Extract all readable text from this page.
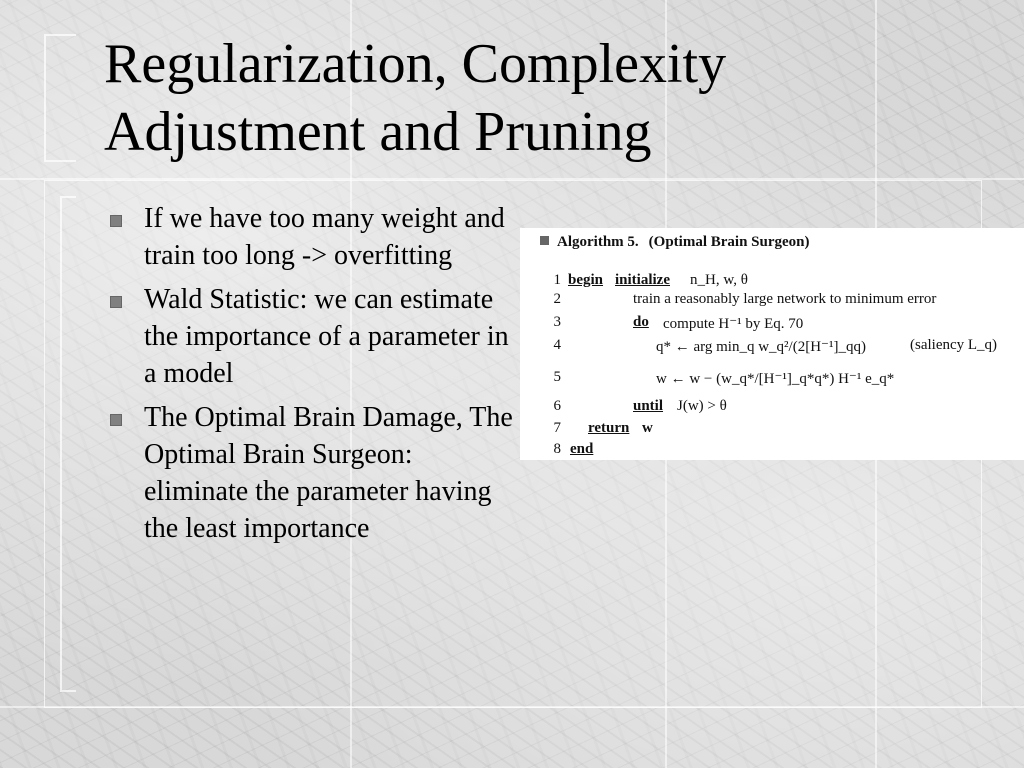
Regularization, Complexity
Adjustment and Pruning
If we have too many weight and train too long -> overfitting
Wald Statistic: we can estimate the importance of a parameter in a model
The Optimal Brain Damage, The Optimal Brain Surgeon: eliminate the parameter having the least importance
Algorithm 5. (Optimal Brain Surgeon)
1 begin initialize n_H, w, θ
2	train a reasonably large network to minimum error
3	do compute H⁻¹ by Eq. 70
4	q* ← arg min_q w_q²/(2[H⁻¹]_qq)	(saliency L_q)
5	w ← w − (w_q*/[H⁻¹]_q*q*) H⁻¹ e_q*
6	until J(w) > θ
7 return w
8 end
